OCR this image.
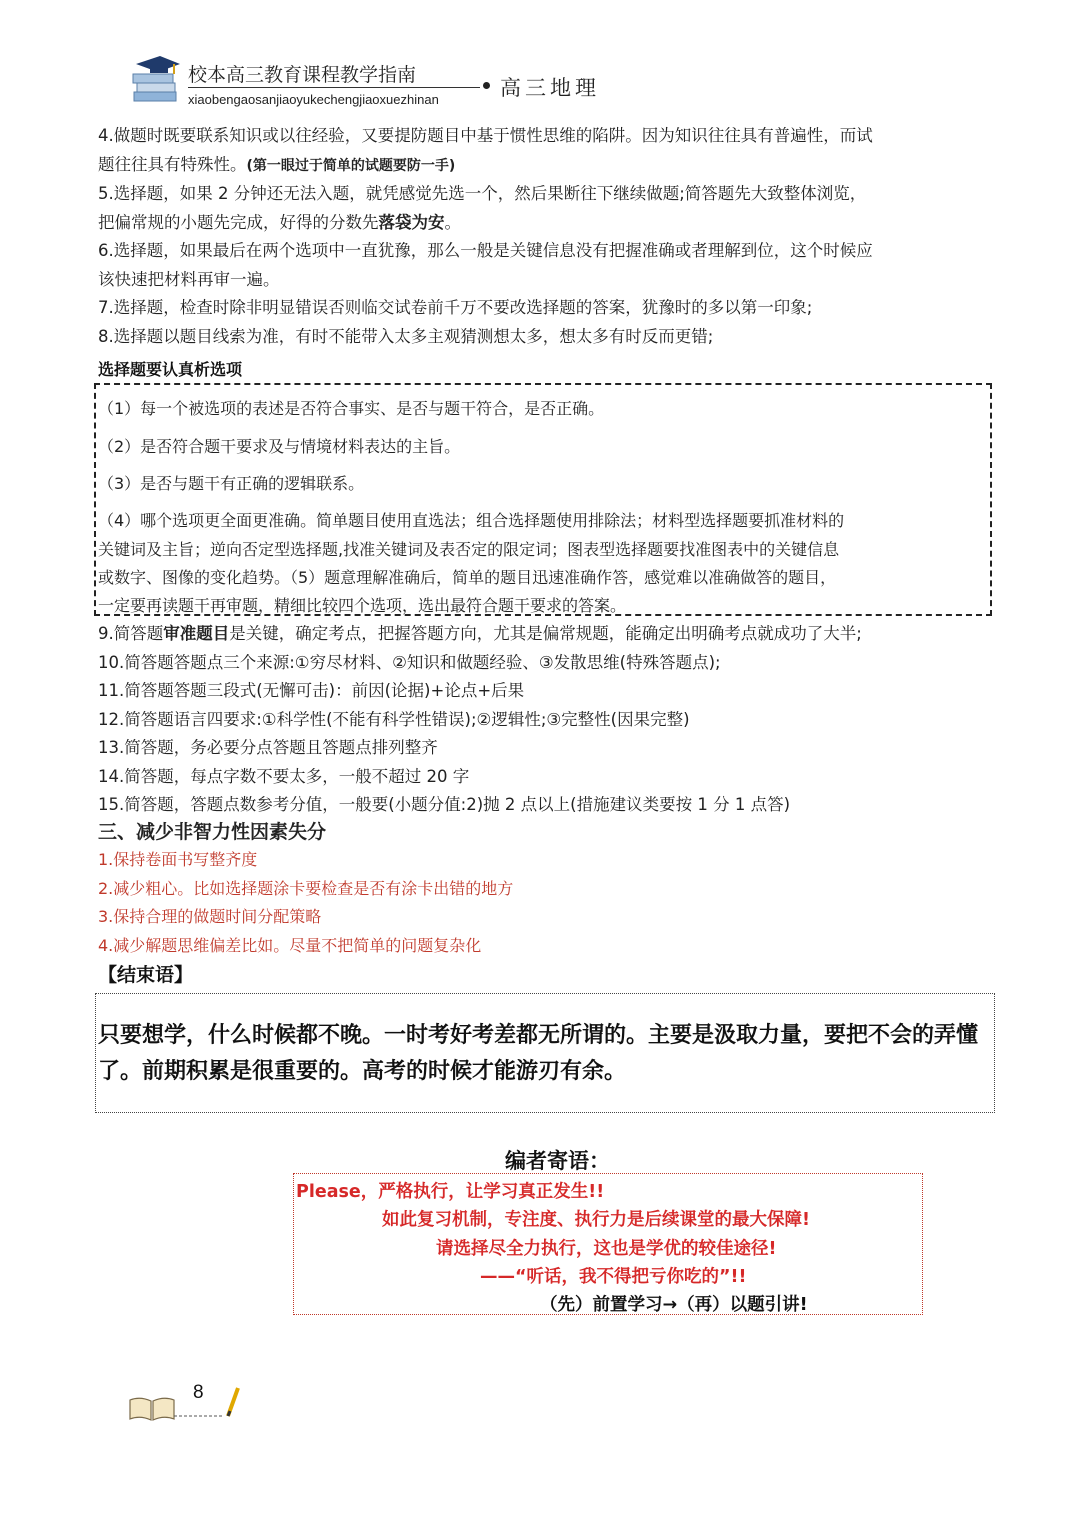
校本高三教育课程教学指南
xiaobengaosanjiaoyukechengjiaoxuezhinan	高三地理

4.做题时既要联系知识或以往经验，又要提防题目中基于惯性思维的陷阱。因为知识往往具有普遍性，而试

题往往具有特殊性。(第一眼过于简单的试题要防一手)

5.选择题，如果 2 分钟还无法入题，就凭感觉先选一个，然后果断往下继续做题;简答题先大致整体浏览，

把偏常规的小题先完成，好得的分数先落袋为安。

6.选择题，如果最后在两个选项中一直犹豫，那么一般是关键信息没有把握准确或者理解到位，这个时候应

该快速把材料再审一遍。

7.选择题，检查时除非明显错误否则临交试卷前千万不要改选择题的答案，犹豫时的多以第一印象;

8.选择题以题目线索为准，有时不能带入太多主观猜测想太多，想太多有时反而更错;

选择题要认真析选项
（1）每一个被选项的表述是否符合事实、是否与题干符合，是否正确。
（2）是否符合题干要求及与情境材料表达的主旨。
（3）是否与题干有正确的逻辑联系。
（4）哪个选项更全面更准确。简单题目使用直选法；组合选择题使用排除法；材料型选择题要抓准材料的
关键词及主旨；逆向否定型选择题,找准关键词及表否定的限定词；图表型选择题要找准图表中的关键信息
或数字、图像的变化趋势。（5）题意理解准确后，简单的题目迅速准确作答，感觉难以准确做答的题目，
一定要再读题干再审题，精细比较四个选项，选出最符合题干要求的答案。

9.简答题审准题目是关键，确定考点，把握答题方向，尤其是偏常规题，能确定出明确考点就成功了大半;

10.简答题答题点三个来源:①穷尽材料、②知识和做题经验、③发散思维(特殊答题点);

11.简答题答题三段式(无懈可击)：前因(论据)+论点+后果

12.简答题语言四要求:①科学性(不能有科学性错误);②逻辑性;③完整性(因果完整)

13.简答题，务必要分点答题且答题点排列整齐

14.简答题，每点字数不要太多，一般不超过 20 字

15.简答题，答题点数参考分值，一般要(小题分值:2)抛 2 点以上(措施建议类要按 1 分 1 点答)

三、减少非智力性因素失分

1.保持卷面书写整齐度

2.减少粗心。比如选择题涂卡要检查是否有涂卡出错的地方

3.保持合理的做题时间分配策略

4.减少解题思维偏差比如。尽量不把简单的问题复杂化

【结束语】
只要想学，什么时候都不晚。一时考好考差都无所谓的。主要是汲取力量，要把不会的弄懂了。前期积累是很重要的。高考的时候才能游刃有余。
编者寄语：
Please，严格执行，让学习真正发生!!
如此复习机制，专注度、执行力是后续课堂的最大保障!
请选择尽全力执行，这也是学优的较佳途径!
——“听话，我不得把亏你吃的”!!
（先）前置学习→（再）以题引讲!
8
